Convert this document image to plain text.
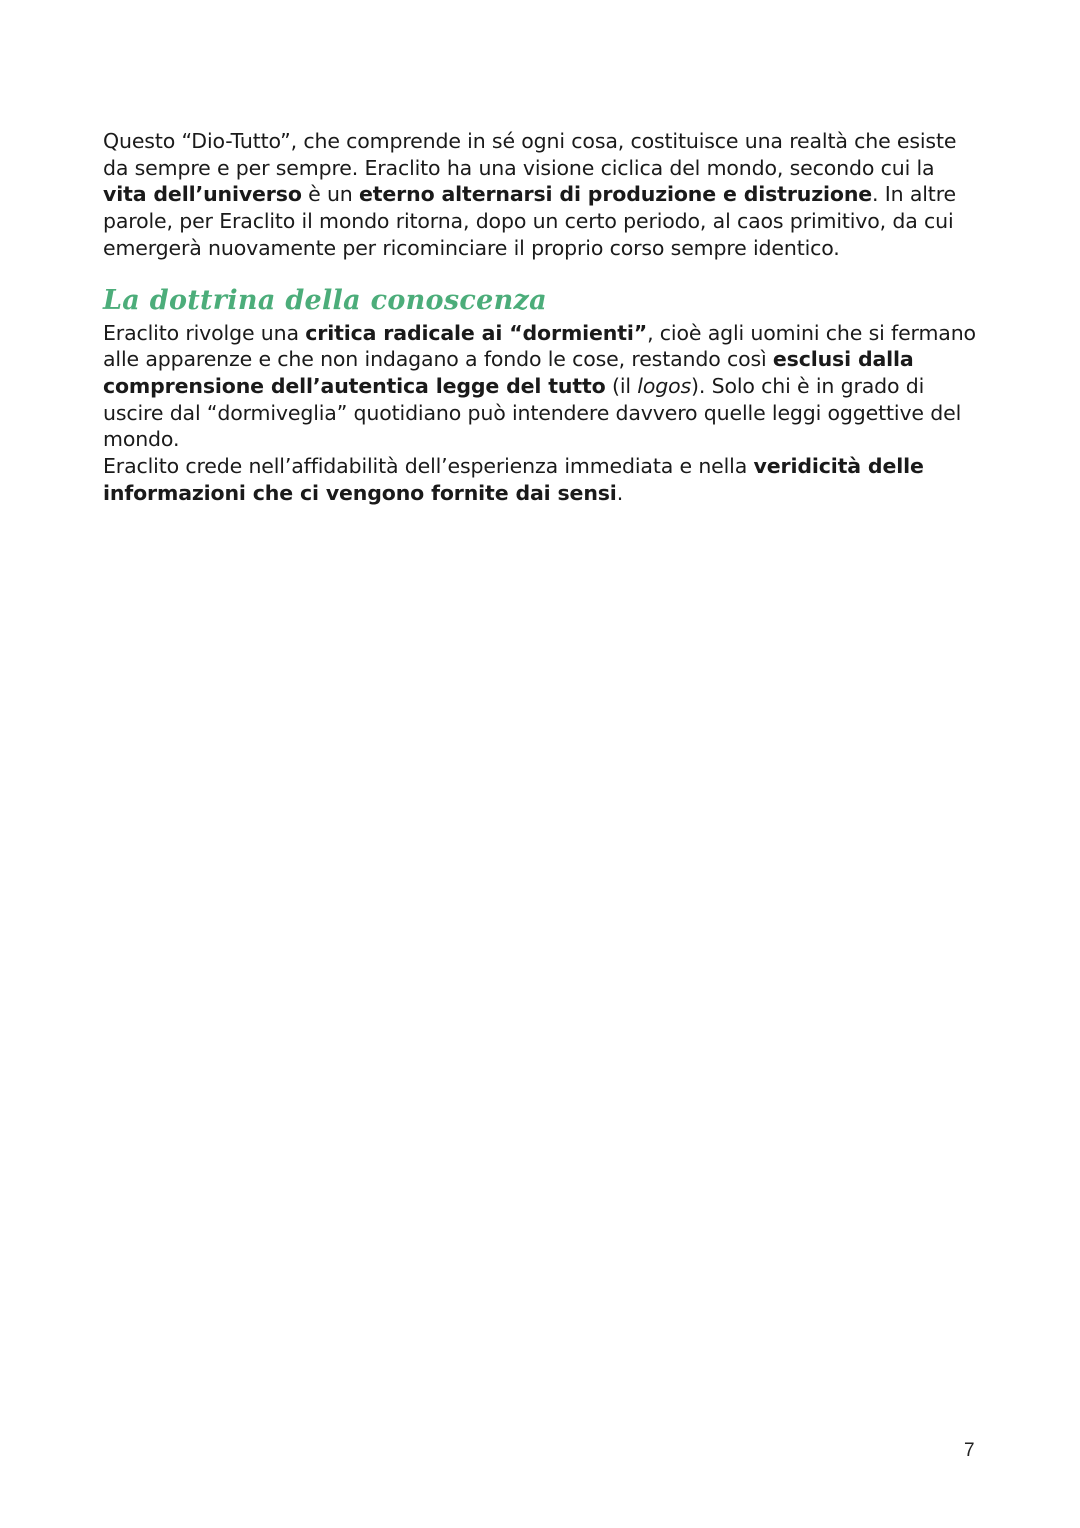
Questo “Dio-Tutto”, che comprende in sé ogni cosa, costituisce una realtà che esiste da sempre e per sempre. Eraclito ha una visione ciclica del mondo, secondo cui la vita dell’universo è un eterno alternarsi di produzione e distruzione. In altre parole, per Eraclito il mondo ritorna, dopo un certo periodo, al caos primitivo, da cui emergerà nuovamente per ricominciare il proprio corso sempre identico.

La dottrina della conoscenza

Eraclito rivolge una critica radicale ai “dormienti”, cioè agli uomini che si fermano alle apparenze e che non indagano a fondo le cose, restando così esclusi dalla comprensione dell’autentica legge del tutto (il logos). Solo chi è in grado di uscire dal “dormiveglia” quotidiano può intendere davvero quelle leggi oggettive del mondo.

Eraclito crede nell’affidabilità dell’esperienza immediata e nella veridicità delle informazioni che ci vengono fornite dai sensi.

7
